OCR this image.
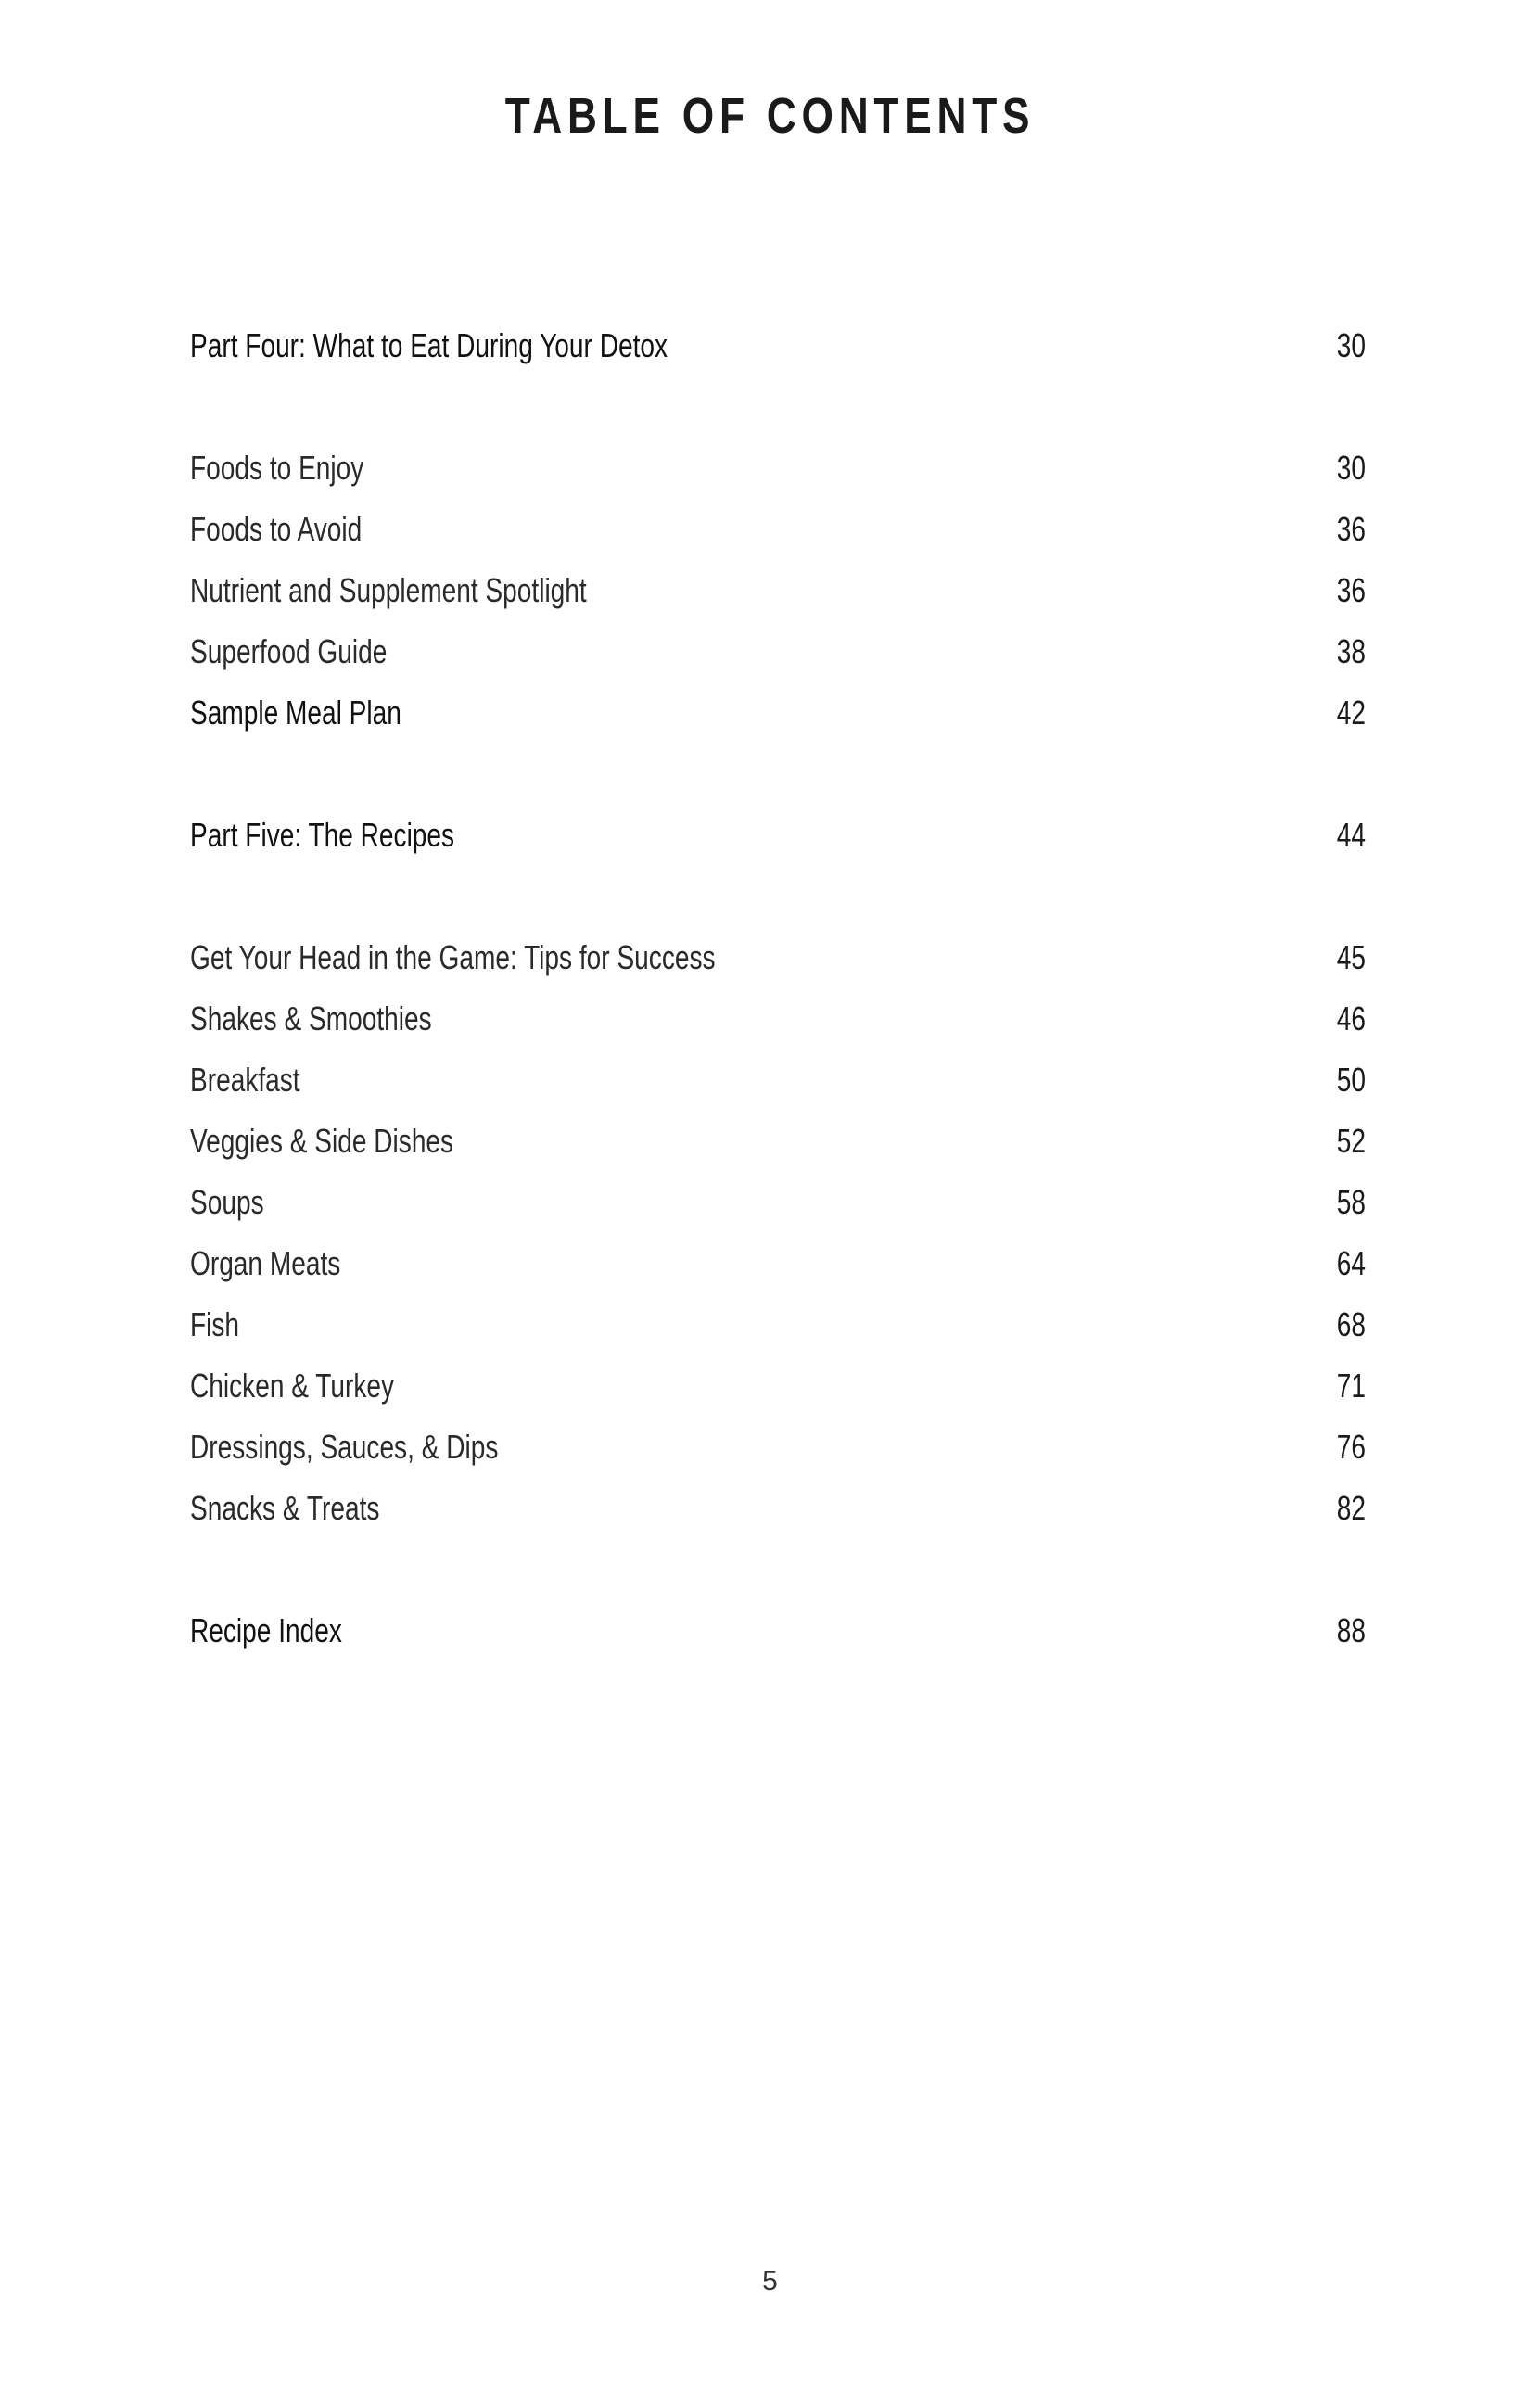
TABLE OF CONTENTS
Part Four: What to Eat During Your Detox	30
Foods to Enjoy	30
Foods to Avoid	36
Nutrient and Supplement Spotlight	36
Superfood Guide	38
Sample Meal Plan	42
Part Five: The Recipes	44
Get Your Head in the Game: Tips for Success	45
Shakes & Smoothies	46
Breakfast	50
Veggies & Side Dishes	52
Soups	58
Organ Meats	64
Fish	68
Chicken & Turkey	71
Dressings, Sauces, & Dips	76
Snacks & Treats	82
Recipe Index	88
5
